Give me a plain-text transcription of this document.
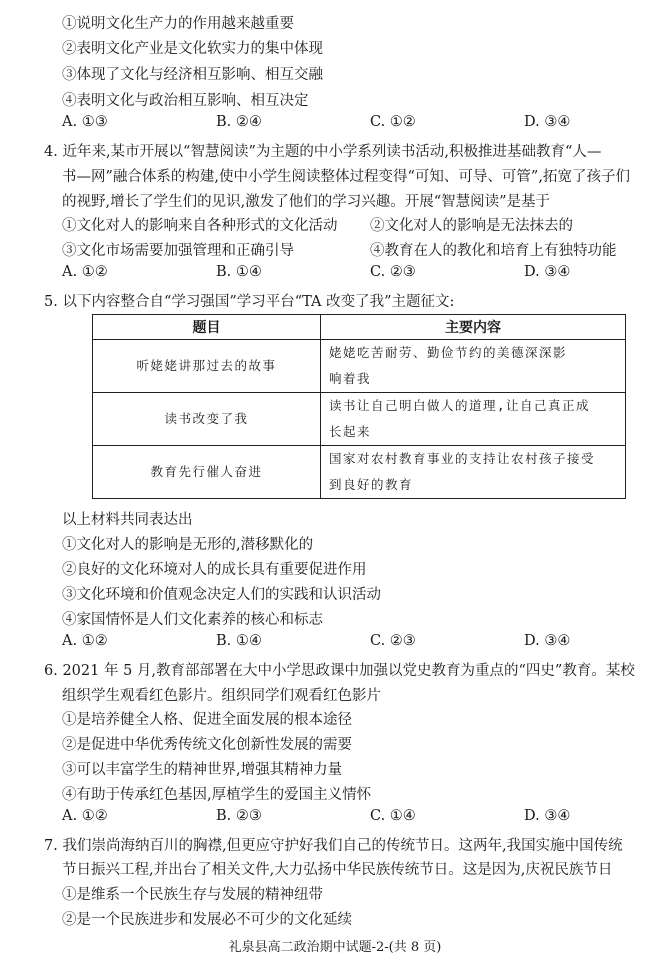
①说明文化生产力的作用越来越重要
②表明文化产业是文化软实力的集中体现
③体现了文化与经济相互影响、相互交融
④表明文化与政治相互影响、相互决定
A. ①③	B. ②④	C. ①②	D. ③④
4. 近年来,某市开展以“智慧阅读”为主题的中小学系列读书活动,积极推进基础教育“人—
书—网”融合体系的构建,使中小学生阅读整体过程变得“可知、可导、可管”,拓宽了孩子们
的视野,增长了学生们的见识,激发了他们的学习兴趣。开展“智慧阅读”是基于
①文化对人的影响来自各种形式的文化活动 ②文化对人的影响是无法抹去的
③文化市场需要加强管理和正确引导	④教育在人的教化和培育上有独特功能
A. ①②	B. ①④	C. ②③	D. ③④
5. 以下内容整合自“学习强国”学习平台“TA 改变了我”主题征文:
题目	主要内容
听姥姥讲那过去的故事	姥姥吃苦耐劳、勤俭节约的美德深深影
响着我

读书改变了我	读书让自己明白做人的道理,让自己真正成
长起来

教育先行催人奋进	国家对农村教育事业的支持让农村孩子接受
到良好的教育
以上材料共同表达出
①文化对人的影响是无形的,潜移默化的
②良好的文化环境对人的成长具有重要促进作用
③文化环境和价值观念决定人们的实践和认识活动
④家国情怀是人们文化素养的核心和标志
A. ①②	B. ①④	C. ②③	D. ③④
6. 2021 年 5 月,教育部部署在大中小学思政课中加强以党史教育为重点的“四史”教育。某校
组织学生观看红色影片。组织同学们观看红色影片
①是培养健全人格、促进全面发展的根本途径
②是促进中华优秀传统文化创新性发展的需要
③可以丰富学生的精神世界,增强其精神力量
④有助于传承红色基因,厚植学生的爱国主义情怀
A. ①②	B. ②③	C. ①④	D. ③④
7. 我们崇尚海纳百川的胸襟,但更应守护好我们自己的传统节日。这两年,我国实施中国传统
节日振兴工程,并出台了相关文件,大力弘扬中华民族传统节日。这是因为,庆祝民族节日
①是维系一个民族生存与发展的精神纽带
②是一个民族进步和发展必不可少的文化延续
礼泉县高二政治期中试题-2-(共 8 页)
